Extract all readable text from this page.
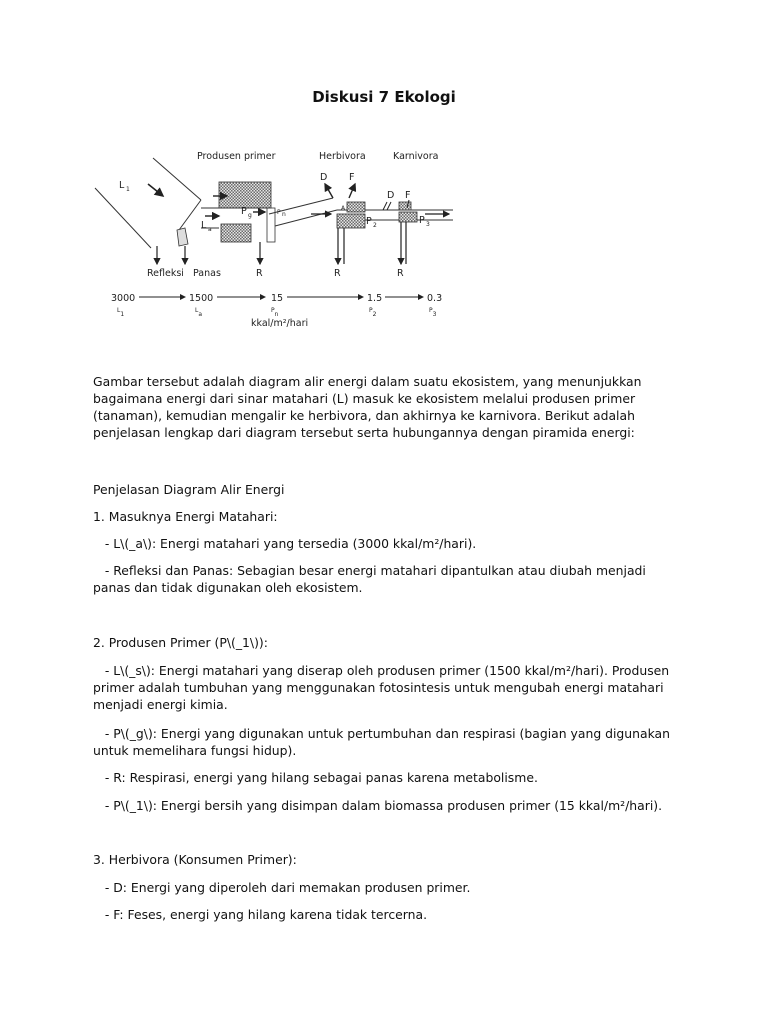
Diskusi 7 Ekologi
Produsen primer	Herbivora	Karnivora
L 1
L a
P g	P n
A
P 2
D F
P 3
D F
Refleksi Panas	R	R	R
3000
$L_1$
1500
$L_a$
15
$P_n$
1.5
$P_2$
0.3
$P_3$
kkal/m²/hari

Gambar tersebut adalah diagram alir energi dalam suatu ekosistem, yang menunjukkan bagaimana energi dari sinar matahari (L) masuk ke ekosistem melalui produsen primer (tanaman), kemudian mengalir ke herbivora, dan akhirnya ke karnivora. Berikut adalah penjelasan lengkap dari diagram tersebut serta hubungannya dengan piramida energi:

Penjelasan Diagram Alir Energi

1. Masuknya Energi Matahari:

- L\(_a\): Energi matahari yang tersedia (3000 kkal/m²/hari).

- Refleksi dan Panas: Sebagian besar energi matahari dipantulkan atau diubah menjadi panas dan tidak digunakan oleh ekosistem.

2. Produsen Primer (P\(_1\)):

- L\(_s\): Energi matahari yang diserap oleh produsen primer (1500 kkal/m²/hari). Produsen primer adalah tumbuhan yang menggunakan fotosintesis untuk mengubah energi matahari menjadi energi kimia.

- P\(_g\): Energi yang digunakan untuk pertumbuhan dan respirasi (bagian yang digunakan untuk memelihara fungsi hidup).

- R: Respirasi, energi yang hilang sebagai panas karena metabolisme.

- P\(_1\): Energi bersih yang disimpan dalam biomassa produsen primer (15 kkal/m²/hari).

3. Herbivora (Konsumen Primer):

- D: Energi yang diperoleh dari memakan produsen primer.

- F: Feses, energi yang hilang karena tidak tercerna.
